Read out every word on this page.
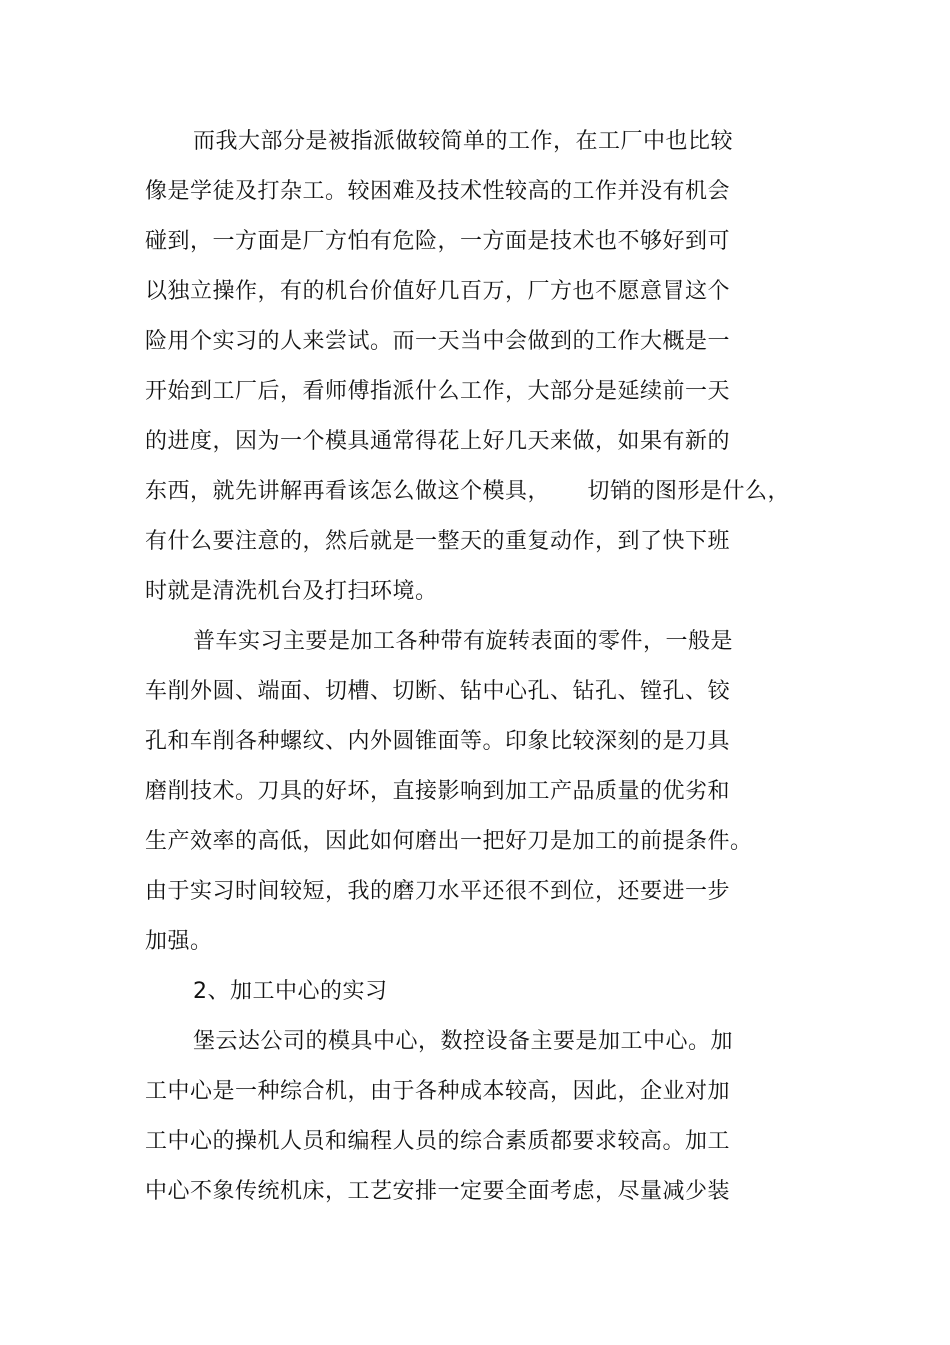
而我大部分是被指派做较简单的工作，在工厂中也比较
像是学徒及打杂工。较困难及技术性较高的工作并没有机会
碰到，一方面是厂方怕有危险，一方面是技术也不够好到可
以独立操作，有的机台价值好几百万，厂方也不愿意冒这个
险用个实习的人来尝试。而一天当中会做到的工作大概是一
开始到工厂后，看师傅指派什么工作，大部分是延续前一天
的进度，因为一个模具通常得花上好几天来做，如果有新的
东西，就先讲解再看该怎么做这个模具，     切销的图形是什么，
有什么要注意的，然后就是一整天的重复动作，到了快下班
时就是清洗机台及打扫环境。
普车实习主要是加工各种带有旋转表面的零件，一般是
车削外圆、端面、切槽、切断、钻中心孔、钻孔、镗孔、铰
孔和车削各种螺纹、内外圆锥面等。印象比较深刻的是刀具
磨削技术。刀具的好坏，直接影响到加工产品质量的优劣和
生产效率的高低，因此如何磨出一把好刀是加工的前提条件。
由于实习时间较短，我的磨刀水平还很不到位，还要进一步
加强。
2、加工中心的实习
堡云达公司的模具中心，数控设备主要是加工中心。加
工中心是一种综合机，由于各种成本较高，因此，企业对加
工中心的操机人员和编程人员的综合素质都要求较高。加工
中心不象传统机床，工艺安排一定要全面考虑，尽量减少装
